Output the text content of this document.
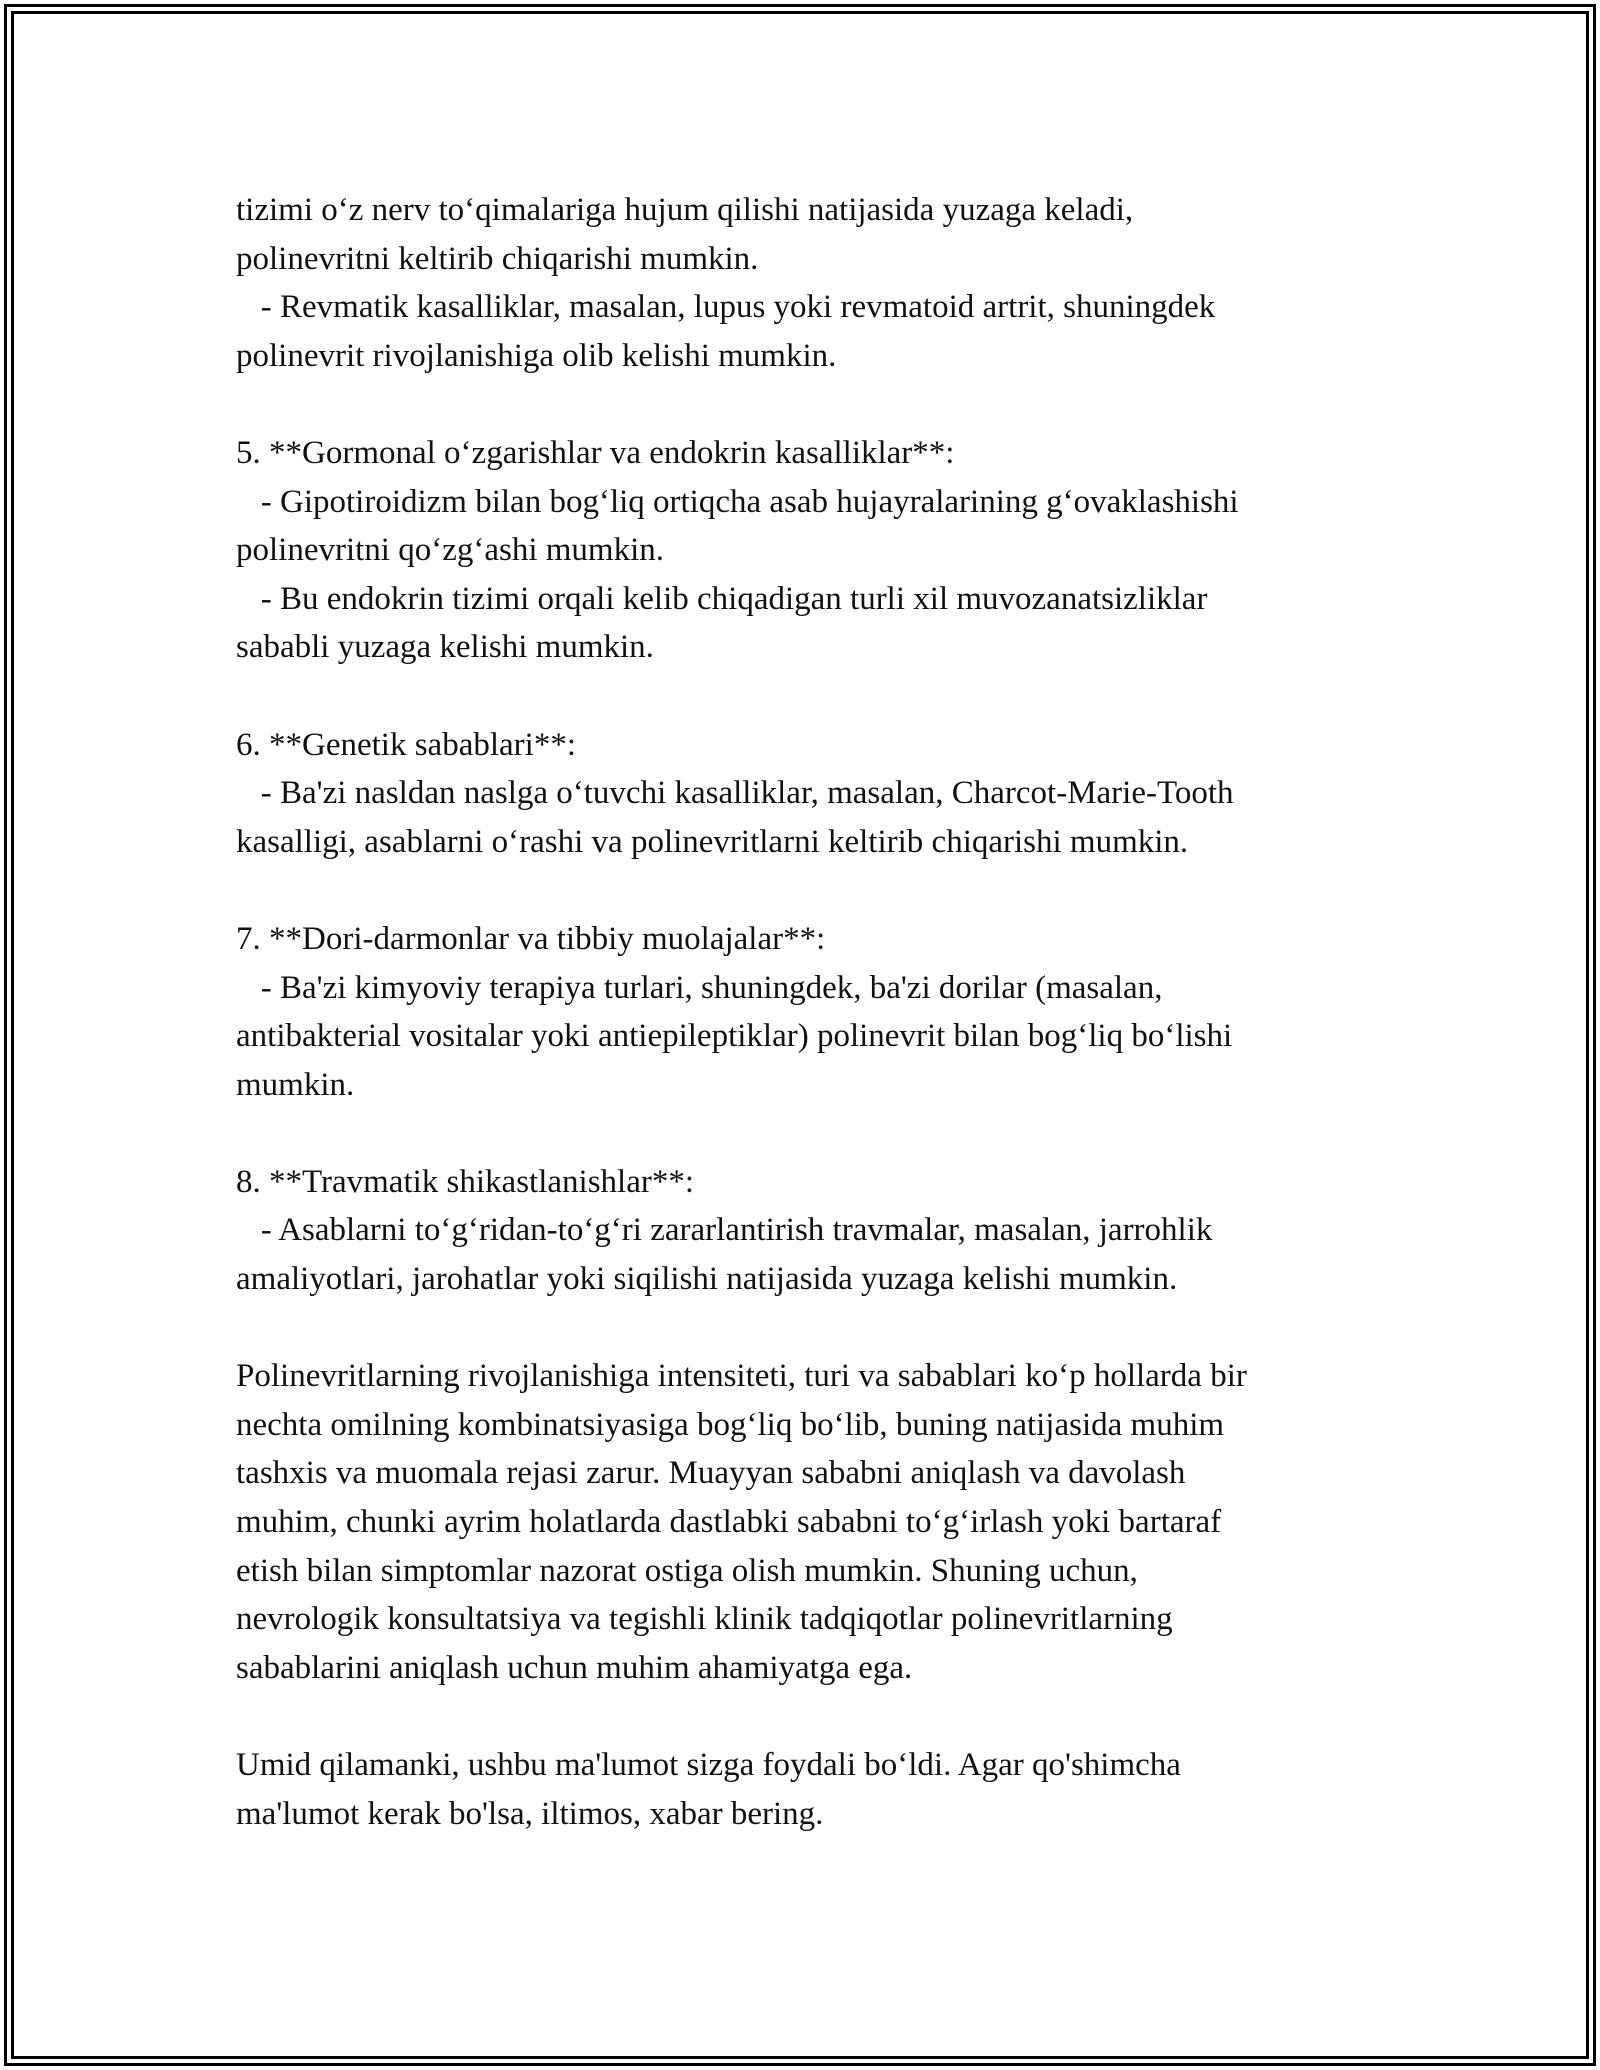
tizimi o‘z nerv to‘qimalariga hujum qilishi natijasida yuzaga keladi,
polinevritni keltirib chiqarishi mumkin.
- Revmatik kasalliklar, masalan, lupus yoki revmatoid artrit, shuningdek
polinevrit rivojlanishiga olib kelishi mumkin.
5. **Gormonal o‘zgarishlar va endokrin kasalliklar**:
- Gipotiroidizm bilan bog‘liq ortiqcha asab hujayralarining g‘ovaklashishi
polinevritni qo‘zg‘ashi mumkin.
- Bu endokrin tizimi orqali kelib chiqadigan turli xil muvozanatsizliklar
sababli yuzaga kelishi mumkin.
6. **Genetik sabablari**:
- Ba'zi nasldan naslga o‘tuvchi kasalliklar, masalan, Charcot-Marie-Tooth
kasalligi, asablarni o‘rashi va polinevritlarni keltirib chiqarishi mumkin.
7. **Dori-darmonlar va tibbiy muolajalar**:
- Ba'zi kimyoviy terapiya turlari, shuningdek, ba'zi dorilar (masalan,
antibakterial vositalar yoki antiepileptiklar) polinevrit bilan bog‘liq bo‘lishi
mumkin.
8. **Travmatik shikastlanishlar**:
- Asablarni to‘g‘ridan-to‘g‘ri zararlantirish travmalar, masalan, jarrohlik
amaliyotlari, jarohatlar yoki siqilishi natijasida yuzaga kelishi mumkin.
Polinevritlarning rivojlanishiga intensiteti, turi va sabablari ko‘p hollarda bir
nechta omilning kombinatsiyasiga bog‘liq bo‘lib, buning natijasida muhim
tashxis va muomala rejasi zarur. Muayyan sababni aniqlash va davolash
muhim, chunki ayrim holatlarda dastlabki sababni to‘g‘irlash yoki bartaraf
etish bilan simptomlar nazorat ostiga olish mumkin. Shuning uchun,
nevrologik konsultatsiya va tegishli klinik tadqiqotlar polinevritlarning
sabablarini aniqlash uchun muhim ahamiyatga ega.
Umid qilamanki, ushbu ma'lumot sizga foydali bo‘ldi. Agar qo'shimcha
ma'lumot kerak bo'lsa, iltimos, xabar bering.
